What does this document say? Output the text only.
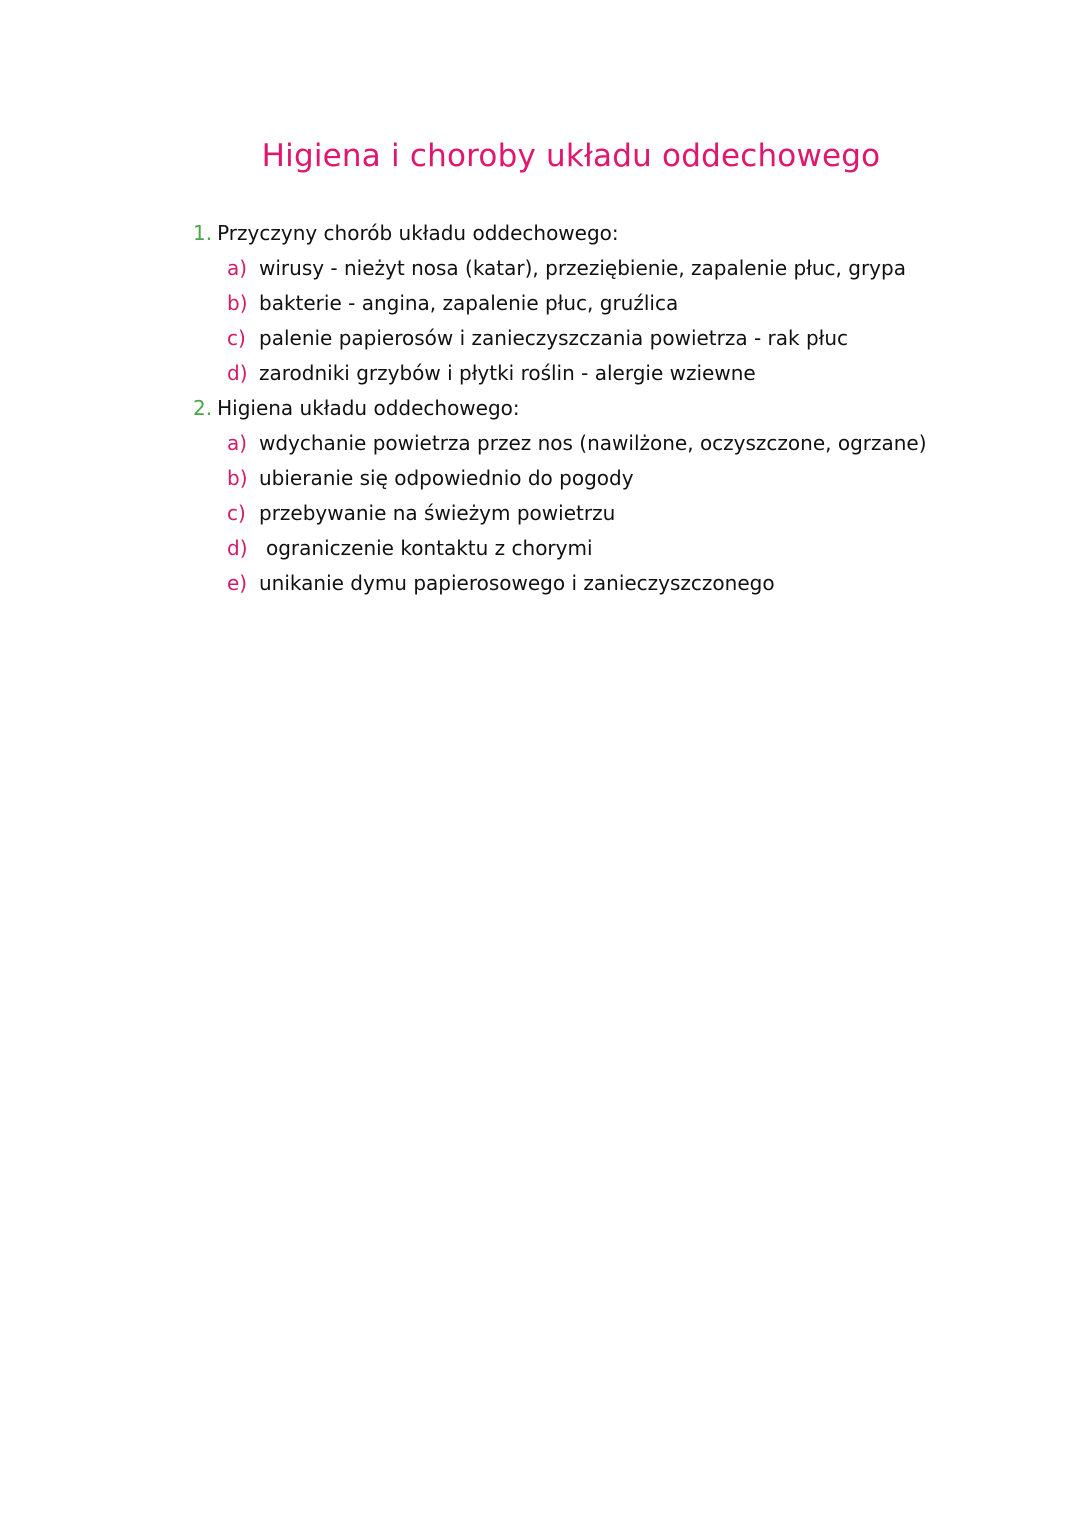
Higiena i choroby układu oddechowego
1. Przyczyny chorób układu oddechowego:
a) wirusy - nieżyt nosa (katar), przeziębienie, zapalenie płuc, grypa
b) bakterie - angina, zapalenie płuc, gruźlica
c) palenie papierosów i zanieczyszczania powietrza - rak płuc
d) zarodniki grzybów i płytki roślin - alergie wziewne
2. Higiena układu oddechowego:
a) wdychanie powietrza przez nos (nawilżone, oczyszczone, ogrzane)
b) ubieranie się odpowiednio do pogody
c) przebywanie na świeżym powietrzu
d) ograniczenie kontaktu z chorymi
e) unikanie dymu papierosowego i zanieczyszczonego
